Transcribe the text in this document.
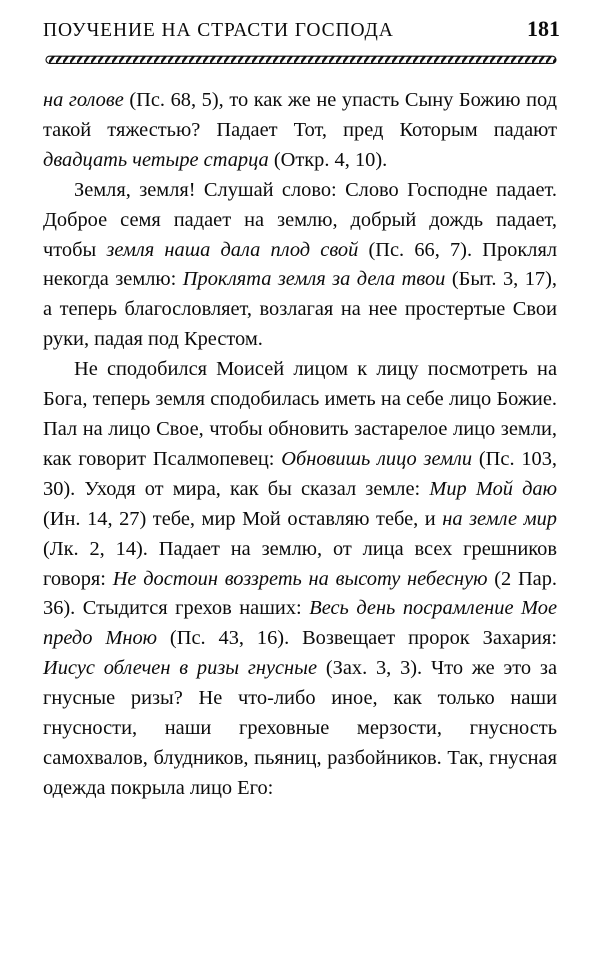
ПОУЧЕНИЕ НА СТРАСТИ ГОСПОДА	181

на голове (Пс. 68, 5), то как же не упасть Сыну Божию под такой тяжестью? Падает Тот, пред Которым падают двадцать четыре старца (Откр. 4, 10).

Земля, земля! Слушай слово: Слово Господне падает. Доброе семя падает на землю, добрый дождь падает, чтобы земля наша дала плод свой (Пс. 66, 7). Проклял некогда землю: Проклята земля за дела твои (Быт. 3, 17), а теперь благословляет, возлагая на нее простертые Свои руки, падая под Крестом.

Не сподобился Моисей лицом к лицу посмотреть на Бога, теперь земля сподобилась иметь на себе лицо Божие. Пал на лицо Свое, чтобы обновить застарелое лицо земли, как говорит Псалмопевец: Обновишь лицо земли (Пс. 103, 30). Уходя от мира, как бы сказал земле: Мир Мой даю (Ин. 14, 27) тебе, мир Мой оставляю тебе, и на земле мир (Лк. 2, 14). Падает на землю, от лица всех грешников говоря: Не достоин воззреть на высоту небесную (2 Пар. 36). Стыдится грехов наших: Весь день посрамление Мое предо Мною (Пс. 43, 16). Возвещает пророк Захария: Иисус облечен в ризы гнусные (Зах. 3, 3). Что же это за гнусные ризы? Не что-либо иное, как только наши гнусности, наши греховные мерзости, гнусность самохвалов, блудников, пьяниц, разбойников. Так, гнусная одежда покрыла лицо Его:
